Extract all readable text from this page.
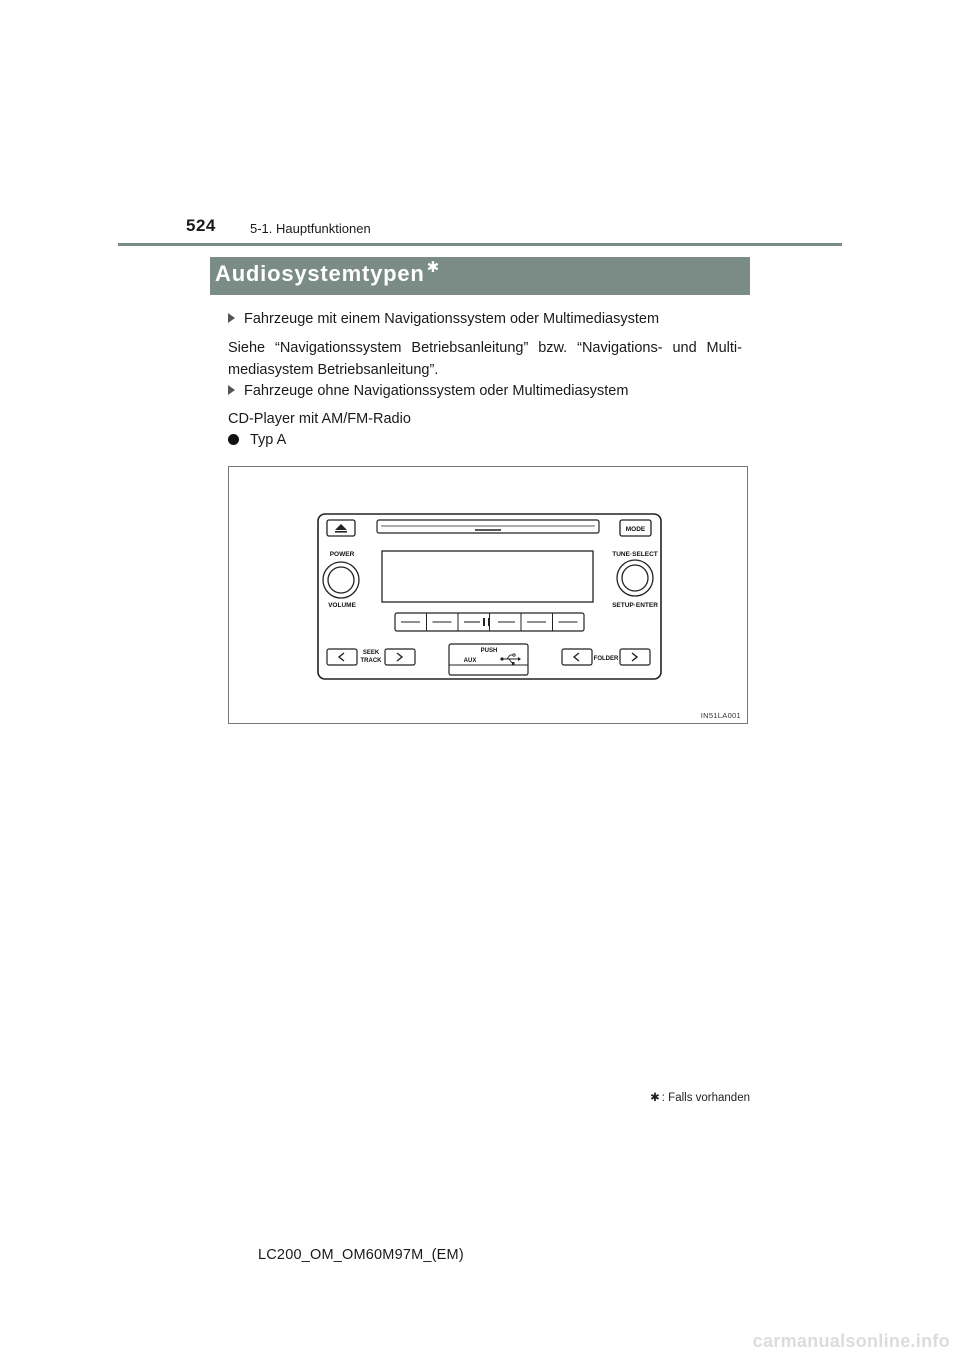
524	5-1. Hauptfunktionen
Audiosystemtypen ✱
Fahrzeuge mit einem Navigationssystem oder Multimediasystem
Siehe “Navigationssystem Betriebsanleitung” bzw. “Navigations- und Multi-mediasystem Betriebsanleitung”.
Fahrzeuge ohne Navigationssystem oder Multimediasystem
CD-Player mit AM/FM-Radio
Typ A
MODE
POWER
VOLUME
TUNE·SELECT
SETUP·ENTER
SEEK
TRACK
PUSH
AUX	FOLDER
IN51LA001
✱ : Falls vorhanden
LC200_OM_OM60M97M_(EM)
carmanualsonline.info
